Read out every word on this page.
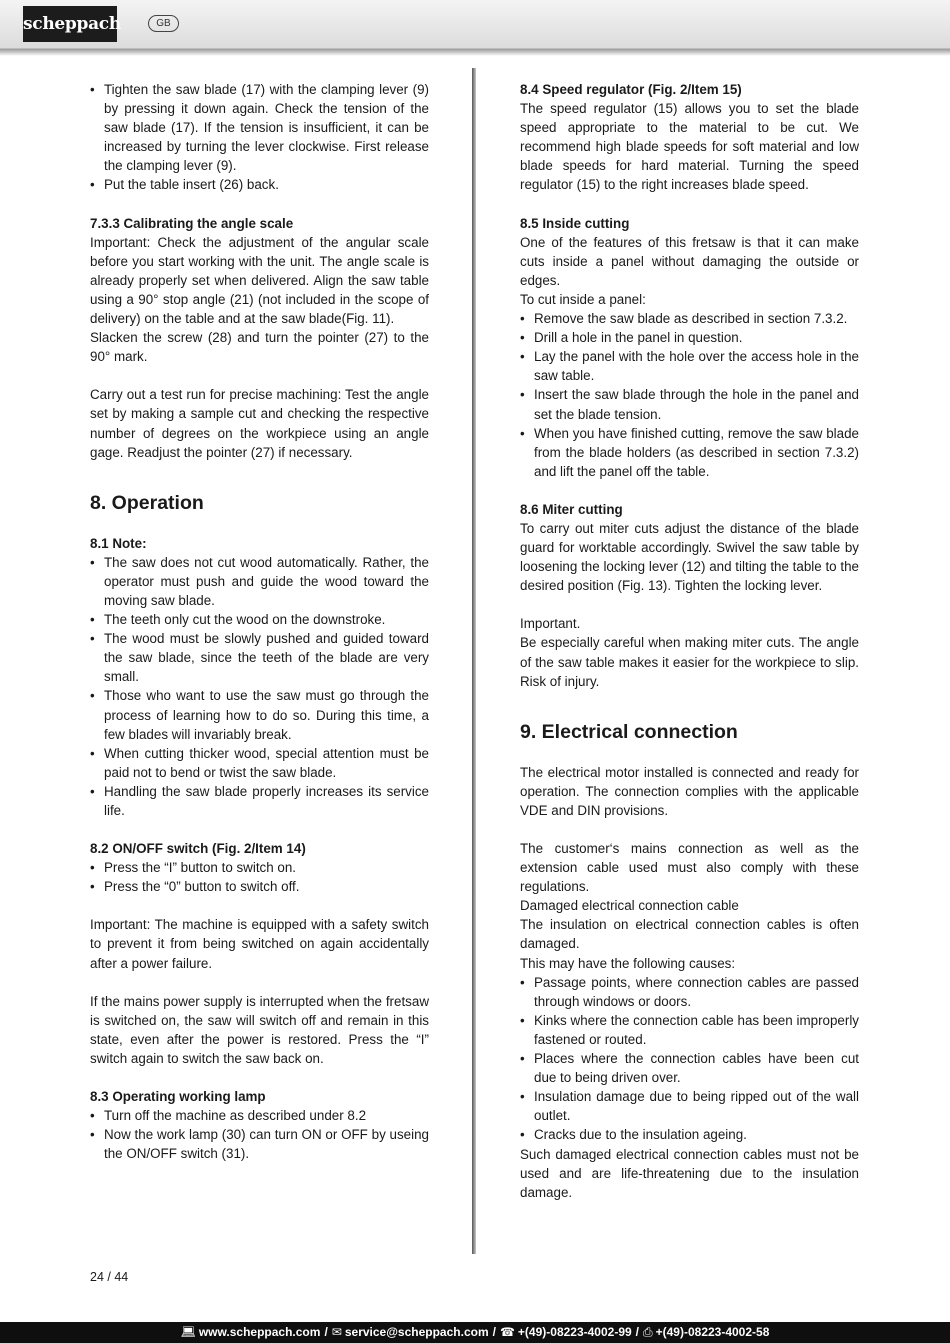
scheppach	GB
• Tighten the saw blade (17) with the clamping lever (9) by pressing it down again. Check the tension of the saw blade (17). If the tension is insufficient, it can be increased by turning the lever clockwise. First release the clamping lever (9).
• Put the table insert (26) back.
7.3.3 Calibrating the angle scale

Important: Check the adjustment of the angular scale before you start working with the unit. The angle scale is already properly set when delivered. Align the saw table using a 90° stop angle (21) (not included in the scope of delivery) on the table and at the saw blade(Fig. 11).

Slacken the screw (28) and turn the pointer (27) to the 90° mark.

Carry out a test run for precise machining: Test the angle set by making a sample cut and checking the respective number of degrees on the workpiece using an angle gage. Readjust the pointer (27) if necessary.

8. Operation
8.1 Note:
• The saw does not cut wood automatically. Rather, the operator must push and guide the wood toward the moving saw blade.
• The teeth only cut the wood on the downstroke.
• The wood must be slowly pushed and guided toward the saw blade, since the teeth of the blade are very small.
• Those who want to use the saw must go through the process of learning how to do so. During this time, a few blades will invariably break.
• When cutting thicker wood, special attention must be paid not to bend or twist the saw blade.
• Handling the saw blade properly increases its service life.
8.2 ON/OFF switch (Fig. 2/Item 14)
• Press the “I” button to switch on.
• Press the “0” button to switch off.

Important: The machine is equipped with a safety switch to prevent it from being switched on again accidentally after a power failure.

If the mains power supply is interrupted when the fretsaw is switched on, the saw will switch off and remain in this state, even after the power is restored. Press the “I” switch again to switch the saw back on.

8.3 Operating working lamp
• Turn off the machine as described under 8.2
• Now the work lamp (30) can turn ON or OFF by useing the ON/OFF switch (31).
8.4 Speed regulator (Fig. 2/Item 15)

The speed regulator (15) allows you to set the blade speed appropriate to the material to be cut. We recommend high blade speeds for soft material and low blade speeds for hard material. Turning the speed regulator (15) to the right increases blade speed.

8.5 Inside cutting

One of the features of this fretsaw is that it can make cuts inside a panel without damaging the outside or edges.

To cut inside a panel:

• Remove the saw blade as described in section 7.3.2.
• Drill a hole in the panel in question.
• Lay the panel with the hole over the access hole in the saw table.
• Insert the saw blade through the hole in the panel and set the blade tension.
• When you have finished cutting, remove the saw blade from the blade holders (as described in section 7.3.2) and lift the panel off the table.
8.6 Miter cutting

To carry out miter cuts adjust the distance of the blade guard for worktable accordingly. Swivel the saw table by loosening the locking lever (12) and tilting the table to the desired position (Fig. 13). Tighten the locking lever.

Important.

Be especially careful when making miter cuts. The angle of the saw table makes it easier for the workpiece to slip. Risk of injury.

9. Electrical connection

The electrical motor installed is connected and ready for operation. The connection complies with the applicable VDE and DIN provisions.

The customer‘s mains connection as well as the extension cable used must also comply with these regulations.

Damaged electrical connection cable

The insulation on electrical connection cables is often damaged.

This may have the following causes:

• Passage points, where connection cables are passed through windows or doors.
• Kinks where the connection cable has been improperly fastened or routed.
• Places where the connection cables have been cut due to being driven over.
• Insulation damage due to being ripped out of the wall outlet.
• Cracks due to the insulation ageing.

Such damaged electrical connection cables must not be used and are life-threatening due to the insulation damage.

24 / 44
💻︎ www.scheppach.com / ✉︎ service@scheppach.com / ☎︎ +(49)-08223-4002-99 / ⎙ +(49)-08223-4002-58
